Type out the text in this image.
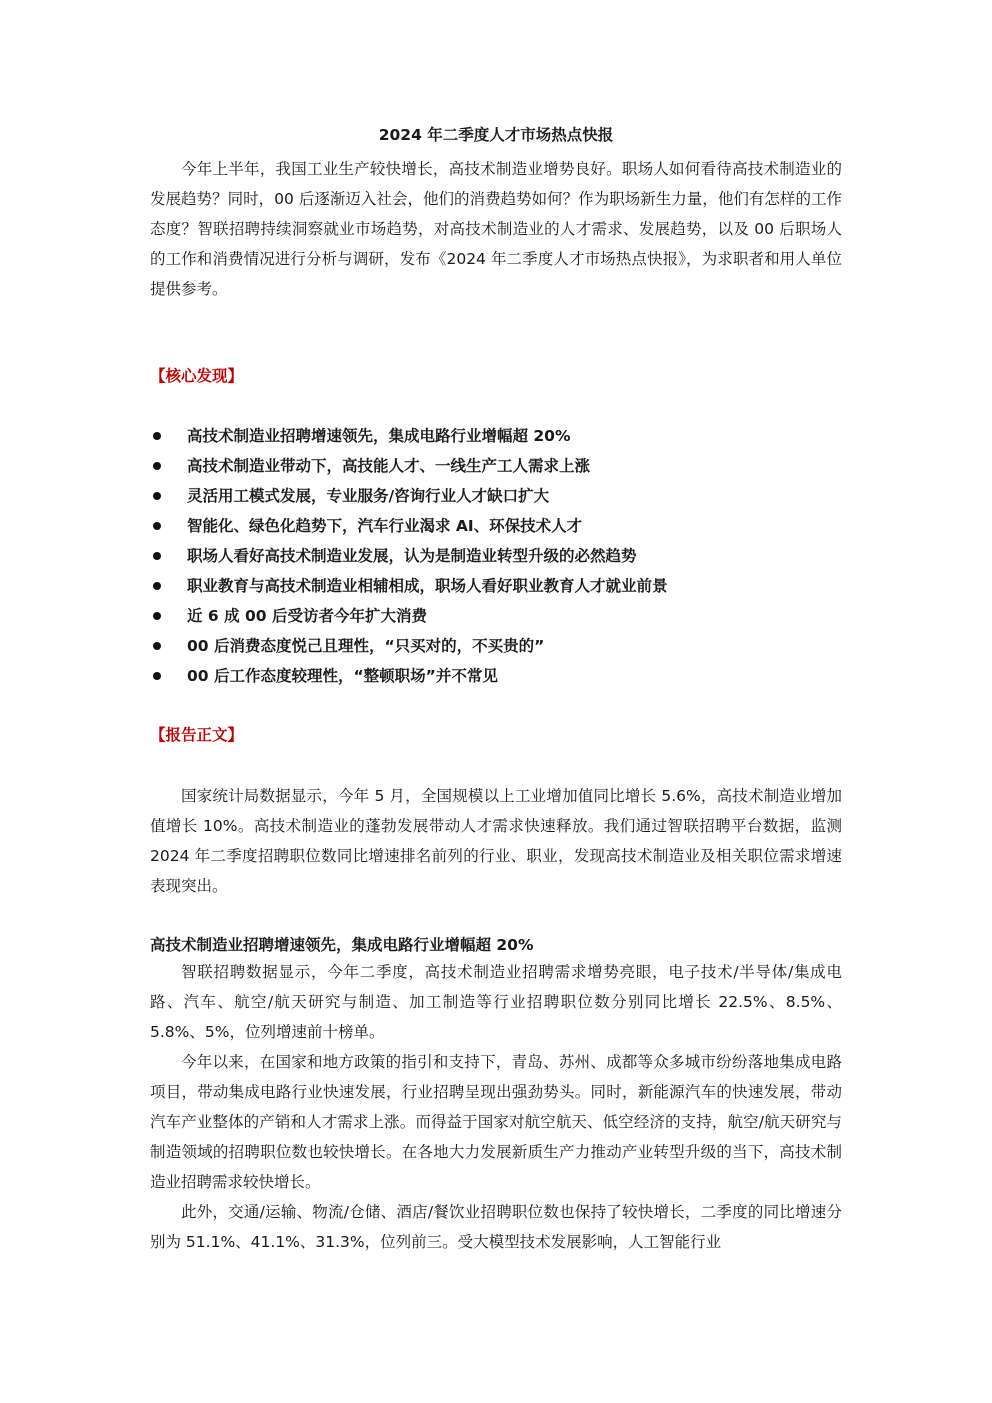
2024 年二季度人才市场热点快报

今年上半年，我国工业生产较快增长，高技术制造业增势良好。职场人如何看待高技术制造业的发展趋势？同时，00 后逐渐迈入社会，他们的消费趋势如何？作为职场新生力量，他们有怎样的工作态度？智联招聘持续洞察就业市场趋势，对高技术制造业的人才需求、发展趋势，以及 00 后职场人的工作和消费情况进行分析与调研，发布《2024 年二季度人才市场热点快报》，为求职者和用人单位提供参考。

【核心发现】
高技术制造业招聘增速领先，集成电路行业增幅超 20%
高技术制造业带动下，高技能人才、一线生产工人需求上涨
灵活用工模式发展，专业服务/咨询行业人才缺口扩大
智能化、绿色化趋势下，汽车行业渴求 AI、环保技术人才
职场人看好高技术制造业发展，认为是制造业转型升级的必然趋势
职业教育与高技术制造业相辅相成，职场人看好职业教育人才就业前景
近 6 成 00 后受访者今年扩大消费
00 后消费态度悦己且理性，“只买对的，不买贵的”
00 后工作态度较理性，“整顿职场”并不常见
【报告正文】

国家统计局数据显示，今年 5 月，全国规模以上工业增加值同比增长 5.6%，高技术制造业增加值增长 10%。高技术制造业的蓬勃发展带动人才需求快速释放。我们通过智联招聘平台数据，监测 2024 年二季度招聘职位数同比增速排名前列的行业、职业，发现高技术制造业及相关职位需求增速表现突出。

高技术制造业招聘增速领先，集成电路行业增幅超 20%

智联招聘数据显示，今年二季度，高技术制造业招聘需求增势亮眼，电子技术/半导体/集成电路、汽车、航空/航天研究与制造、加工制造等行业招聘职位数分别同比增长 22.5%、8.5%、5.8%、5%，位列增速前十榜单。

今年以来，在国家和地方政策的指引和支持下，青岛、苏州、成都等众多城市纷纷落地集成电路项目，带动集成电路行业快速发展，行业招聘呈现出强劲势头。同时，新能源汽车的快速发展，带动汽车产业整体的产销和人才需求上涨。而得益于国家对航空航天、低空经济的支持，航空/航天研究与制造领域的招聘职位数也较快增长。在各地大力发展新质生产力推动产业转型升级的当下，高技术制造业招聘需求较快增长。

此外，交通/运输、物流/仓储、酒店/餐饮业招聘职位数也保持了较快增长，二季度的同比增速分别为 51.1%、41.1%、31.3%，位列前三。受大模型技术发展影响，人工智能行业
